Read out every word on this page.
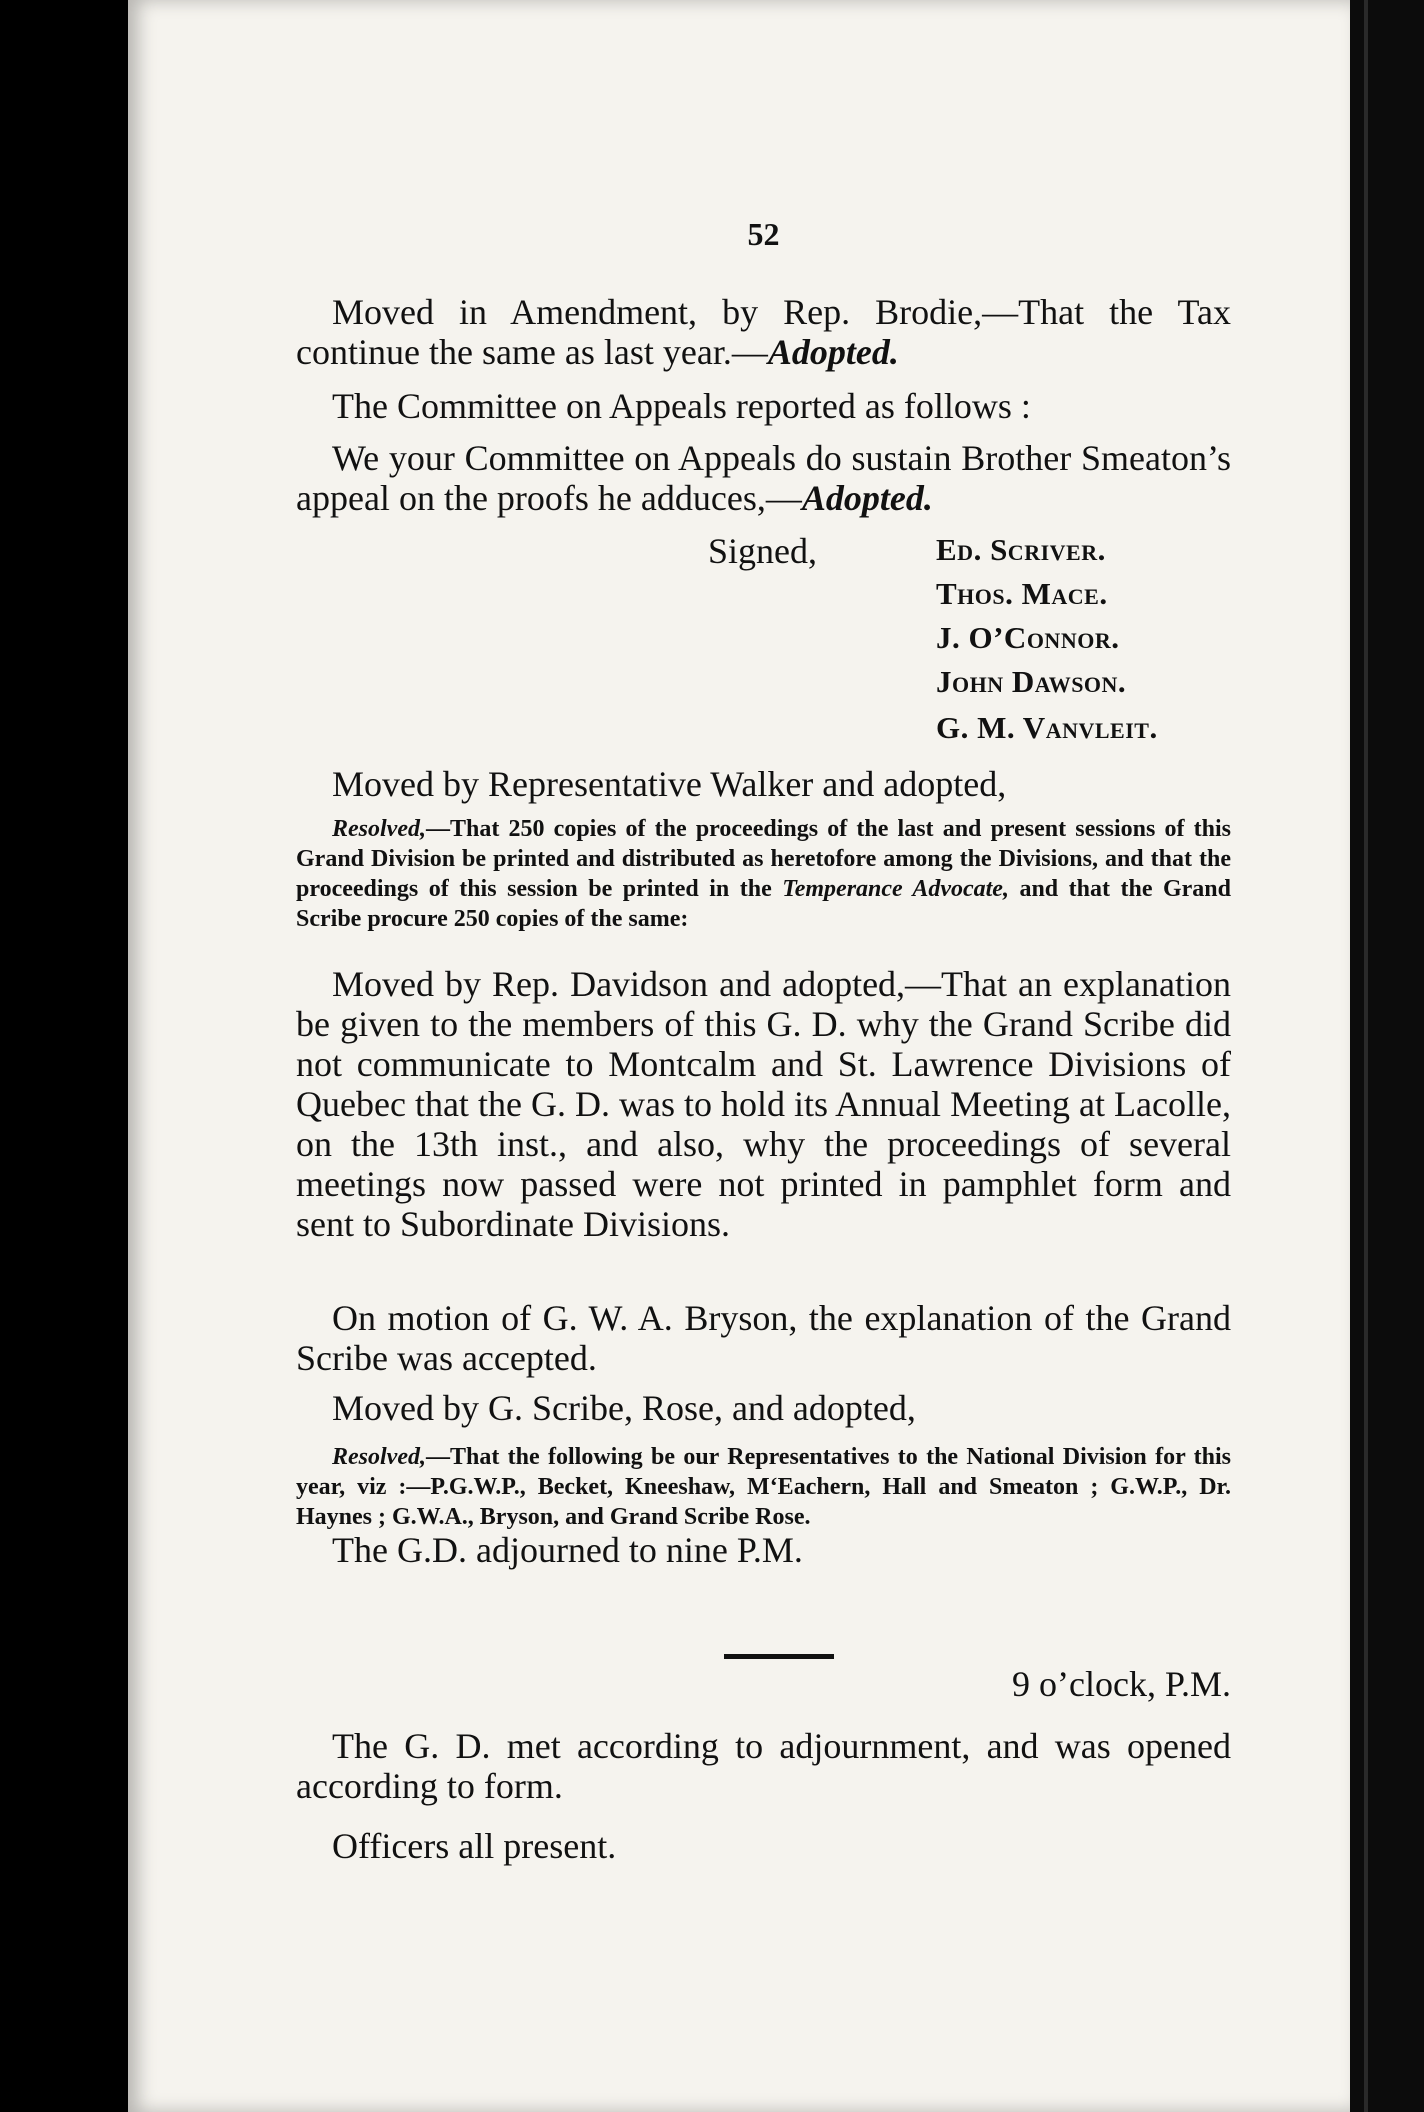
52
Moved in Amendment, by Rep. Brodie,—That the Tax continue the same as last year.—Adopted.
The Committee on Appeals reported as follows :
We your Committee on Appeals do sustain Brother Smeaton’s appeal on the proofs he adduces,—Adopted.
Signed,	Ed. Scriver.
Thos. Mace.
J. O’Connor.
John Dawson.
G. M. Vanvleit.
Moved by Representative Walker and adopted,
Resolved,—That 250 copies of the proceedings of the last and present sessions of this Grand Division be printed and distributed as heretofore among the Divisions, and that the proceedings of this session be printed in the Temperance Advocate, and that the Grand Scribe procure 250 copies of the same:
Moved by Rep. Davidson and adopted,—That an explanation be given to the members of this G. D. why the Grand Scribe did not communicate to Montcalm and St. Lawrence Divisions of Quebec that the G. D. was to hold its Annual Meeting at Lacolle, on the 13th inst., and also, why the proceedings of several meetings now passed were not printed in pamphlet form and sent to Subordinate Divisions.
On motion of G. W. A. Bryson, the explanation of the Grand Scribe was accepted.
Moved by G. Scribe, Rose, and adopted,
Resolved,—That the following be our Representatives to the National Division for this year, viz :—P.G.W.P., Becket, Kneeshaw, M‘Eachern, Hall and Smeaton ; G.W.P., Dr. Haynes ; G.W.A., Bryson, and Grand Scribe Rose.
The G.D. adjourned to nine P.M.
9 o’clock, P.M.
The G. D. met according to adjournment, and was opened according to form.
Officers all present.
